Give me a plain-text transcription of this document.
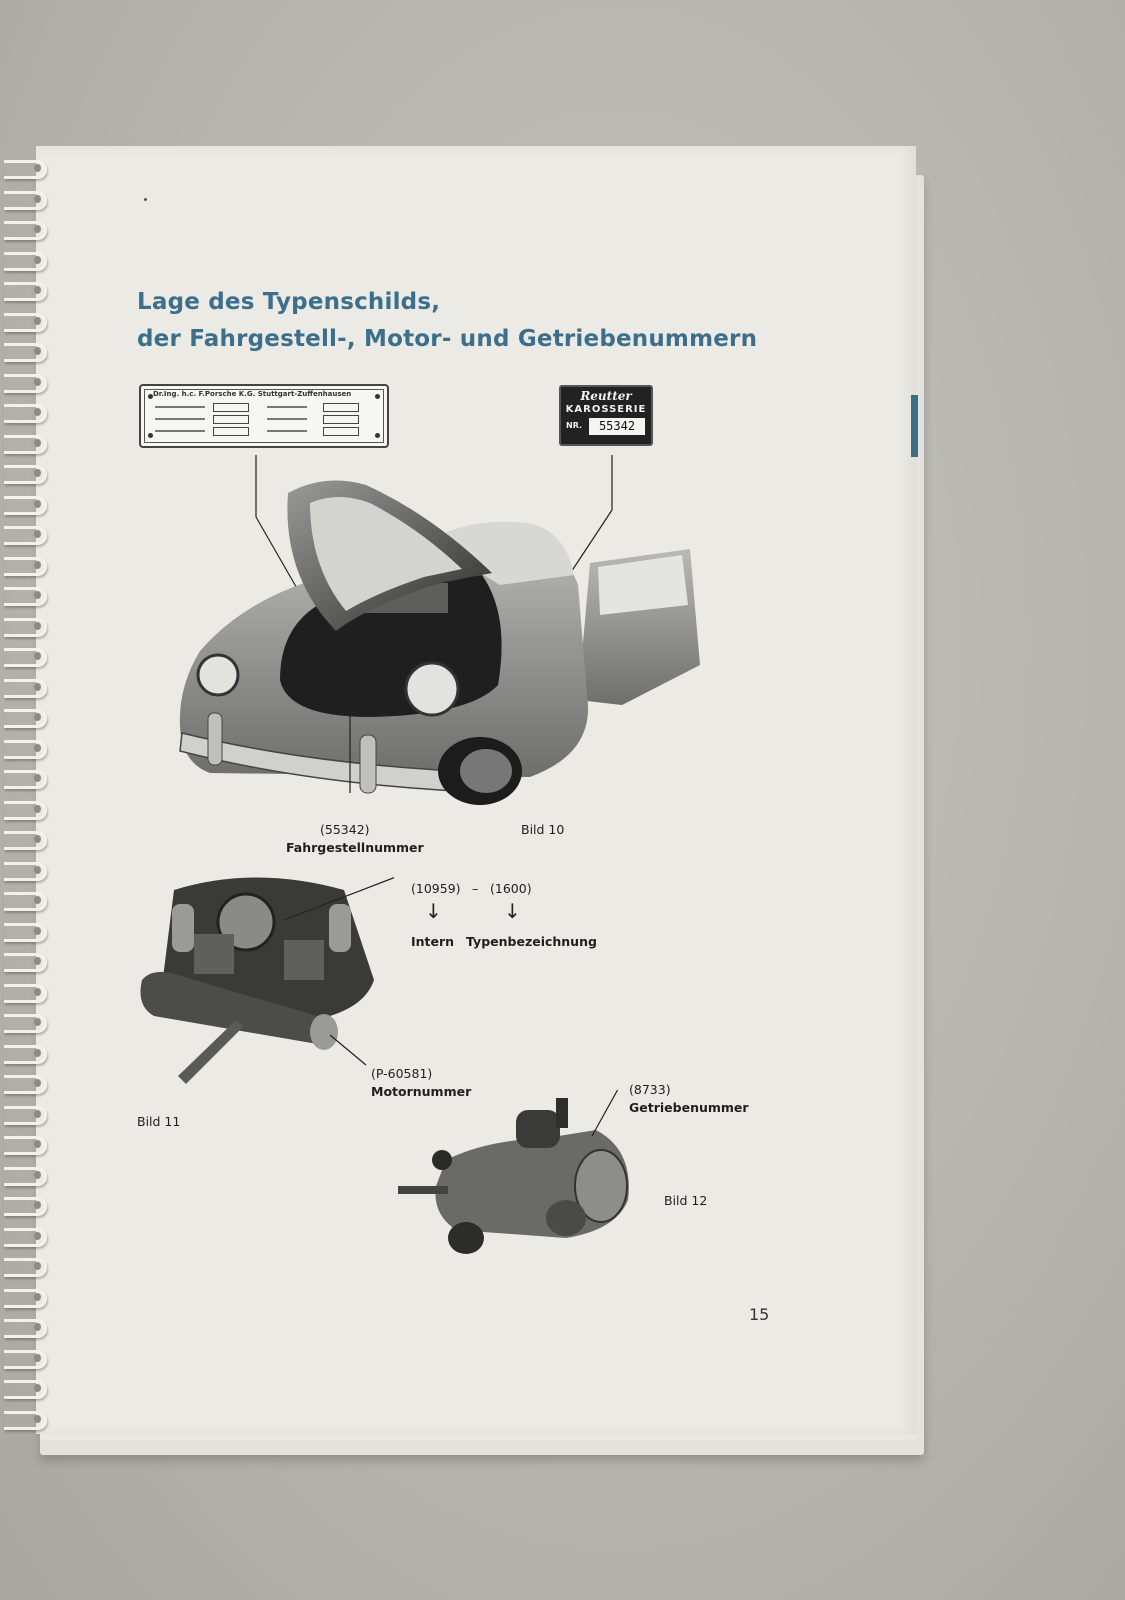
Lage des Typenschilds,
der Fahrgestell-, Motor- und Getriebenummern
Dr.Ing. h.c. F.Porsche K.G. Stuttgart-Zuffenhausen	Reutter
KAROSSERIE
NR.	55342
(55342)
Fahrgestellnummer
Bild 10
(10959) – (1600)
↓	↓
Intern Typenbezeichnung
(P-60581)
Motornummer
Bild 11
(8733)
Getriebenummer
Bild 12
15
